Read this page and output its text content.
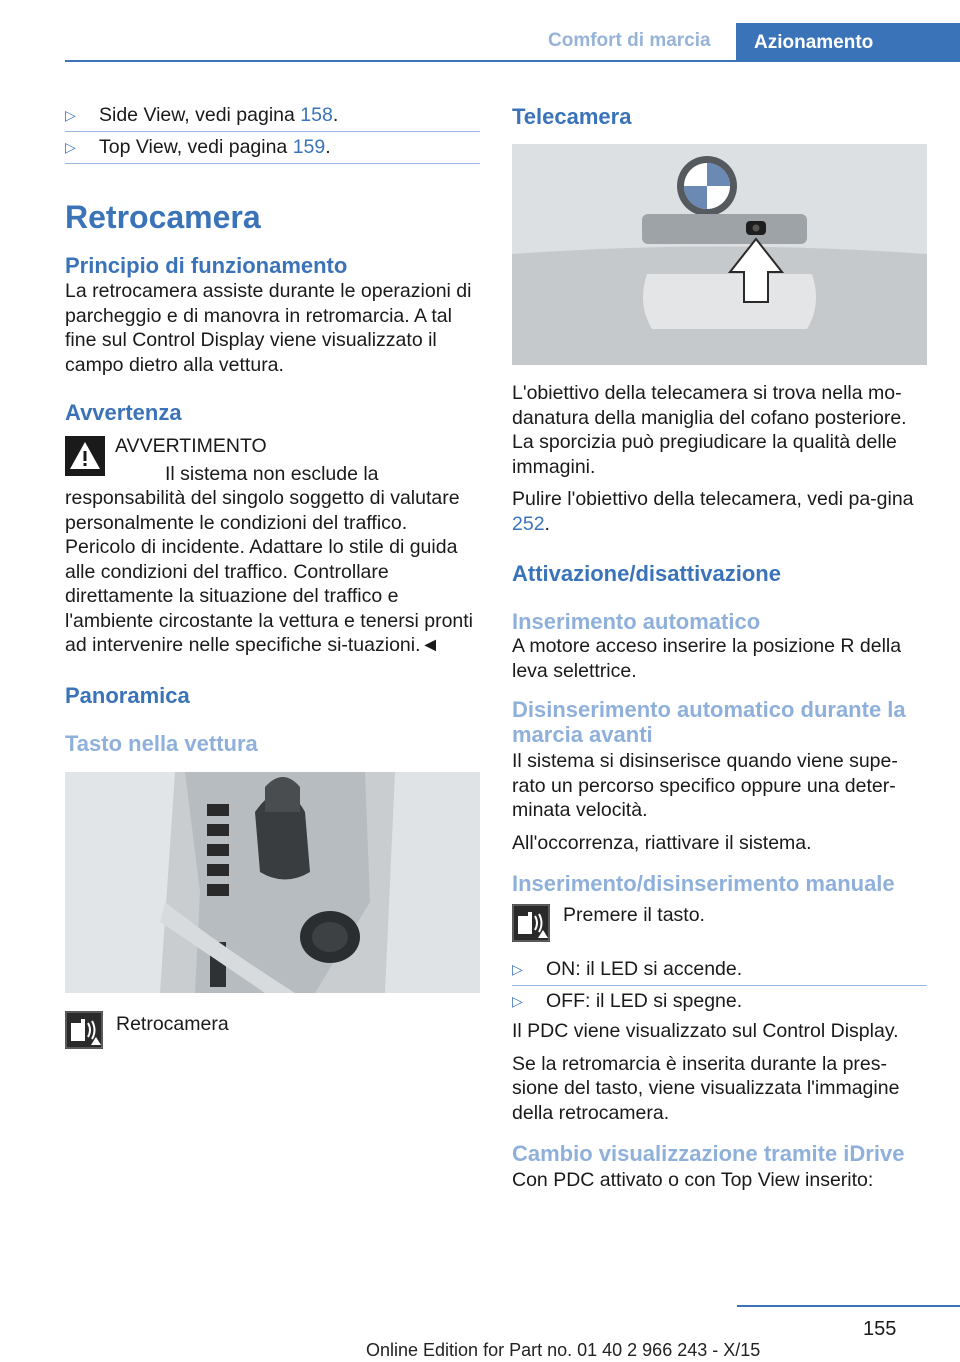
Comfort di marcia Azionamento
▷	Side View, vedi pagina 158.
▷	Top View, vedi pagina 159.
Retrocamera
Principio di funzionamento

La retrocamera assiste durante le operazioni di parcheggio e di manovra in retromarcia. A tal fine sul Control Display viene visualizzato il campo dietro alla vettura.

Avvertenza

AVVERTIMENTO

Il sistema non esclude la responsabilità del singolo soggetto di valutare personalmente le condizioni del traffico. Pericolo di incidente. Adattare lo stile di guida alle condizioni del traffico. Controllare direttamente la situazione del traffico e l'ambiente circostante la vettura e tenersi pronti ad intervenire nelle specifiche si-tuazioni.◄

Panoramica
Tasto nella vettura

Retrocamera

Telecamera

L'obiettivo della telecamera si trova nella mo-danatura della maniglia del cofano posteriore. La sporcizia può pregiudicare la qualità delle immagini.

Pulire l'obiettivo della telecamera, vedi pa-gina 252.

Attivazione/disattivazione
Inserimento automatico

A motore acceso inserire la posizione R della leva selettrice.

Disinserimento automatico durante la marcia avanti

Il sistema si disinserisce quando viene supe-rato un percorso specifico oppure una deter-minata velocità.

All'occorrenza, riattivare il sistema.

Inserimento/disinserimento manuale

Premere il tasto.

▷	ON: il LED si accende.
▷	OFF: il LED si spegne.

Il PDC viene visualizzato sul Control Display.

Se la retromarcia è inserita durante la pres-sione del tasto, viene visualizzata l'immagine della retrocamera.

Cambio visualizzazione tramite iDrive

Con PDC attivato o con Top View inserito:

155
Online Edition for Part no. 01 40 2 966 243 - X/15
